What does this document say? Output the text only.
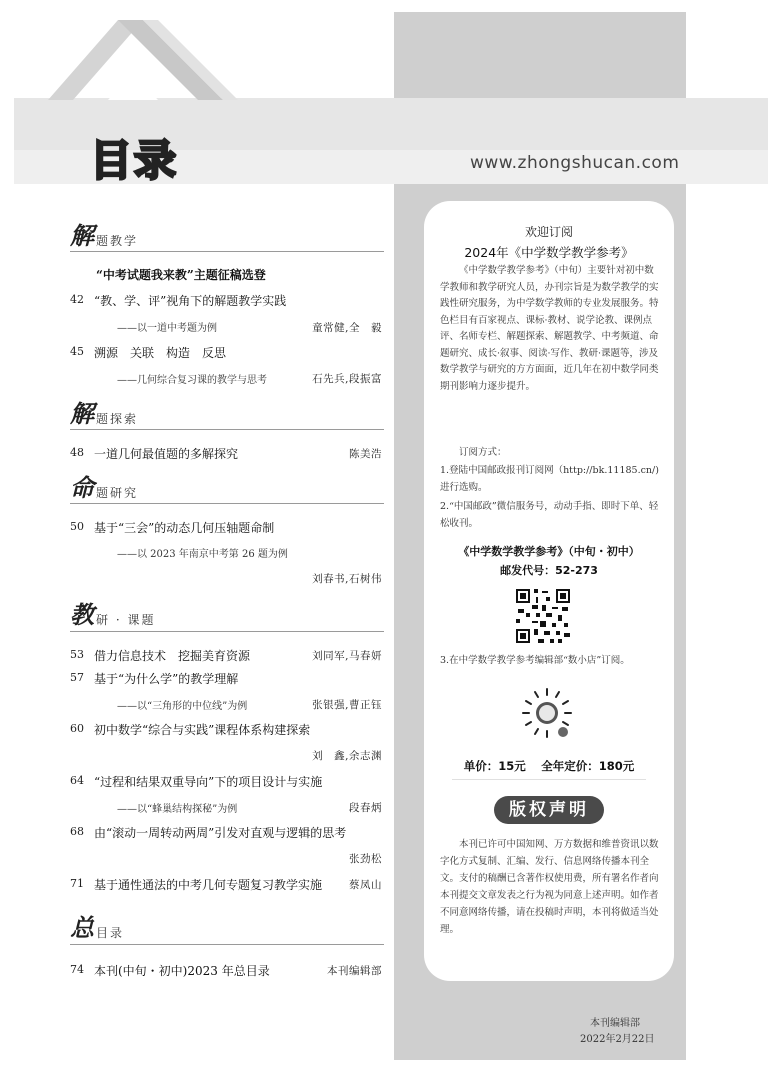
目录	www.zhongshucan.com
解 题教学
“中考试题我来教”主题征稿选登
42 “教、学、评”视角下的解题教学实践
——以一道中考题为例	童常健,全　毅
45 溯源　关联　构造　反思
——几何综合复习课的教学与思考	石先兵,段振富
解 题探索
48 一道几何最值题的多解探究	陈美浩
命 题研究
50 基于“三会”的动态几何压轴题命制
——以 2023 年南京中考第 26 题为例
刘春书,石树伟
教 研 · 课题
53 借力信息技术　挖掘美育资源	刘同军,马春妍
57 基于“为什么学”的教学理解
——以“三角形的中位线”为例	张银强,曹正钰
60 初中数学“综合与实践”课程体系构建探索
刘　鑫,余志渊
64 “过程和结果双重导向”下的项目设计与实施
——以“蜂巢结构探秘”为例	段春炳
68 由“滚动一周转动两周”引发对直观与逻辑的思考
张劲松
71 基于通性通法的中考几何专题复习教学实施	蔡凤山
总 目录
74 本刊(中旬・初中)2023 年总目录	本刊编辑部
欢迎订阅
2024年《中学数学教学参考》
《中学数学教学参考》（中旬）主要针对初中数学教师和教学研究人员，办刊宗旨是为数学教学的实践性研究服务，为中学数学教师的专业发展服务。特色栏目有百家视点、课标·教材、说学论教、课例点评、名师专栏、解题探索、解题教学、中考频道、命题研究、成长·叙事、阅读·写作、教研·课题等，涉及数学教学与研究的方方面面，近几年在初中数学同类期刊影响力逐步提升。
订阅方式：
1.登陆中国邮政报刊订阅网（http://bk.11185.cn/)进行选购。
2.“中国邮政”微信服务号，动动手指、即时下单、轻松收刊。
《中学数学教学参考》（中旬・初中）
邮发代号：52-273
3.在中学数学教学参考编辑部“数小店”订阅。
单价：15元　 全年定价：180元
版权声明
本刊已许可中国知网、万方数据和维普资讯以数字化方式复制、汇编、发行、信息网络传播本刊全文。支付的稿酬已含著作权使用费，所有署名作者向本刊提交文章发表之行为视为同意上述声明。如作者不同意网络传播，请在投稿时声明，本刊将做适当处理。
本刊编辑部
2022年2月22日
